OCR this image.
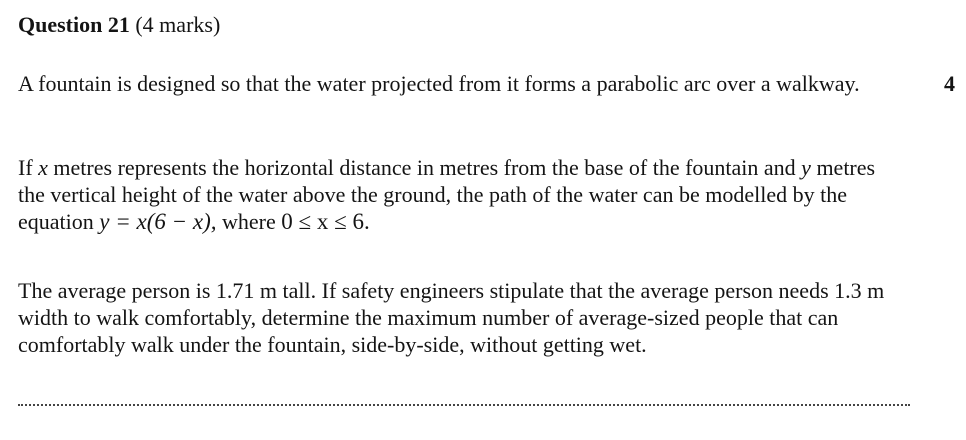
Question 21 (4 marks)

A fountain is designed so that the water projected from it forms a parabolic arc over a walkway.	4

If x metres represents the horizontal distance in metres from the base of the fountain and y metres the vertical height of the water above the ground, the path of the water can be modelled by the equation y = x(6 − x), where 0 ≤ x ≤ 6.

The average person is 1.71 m tall. If safety engineers stipulate that the average person needs 1.3 m width to walk comfortably, determine the maximum number of average-sized people that can comfortably walk under the fountain, side-by-side, without getting wet.
